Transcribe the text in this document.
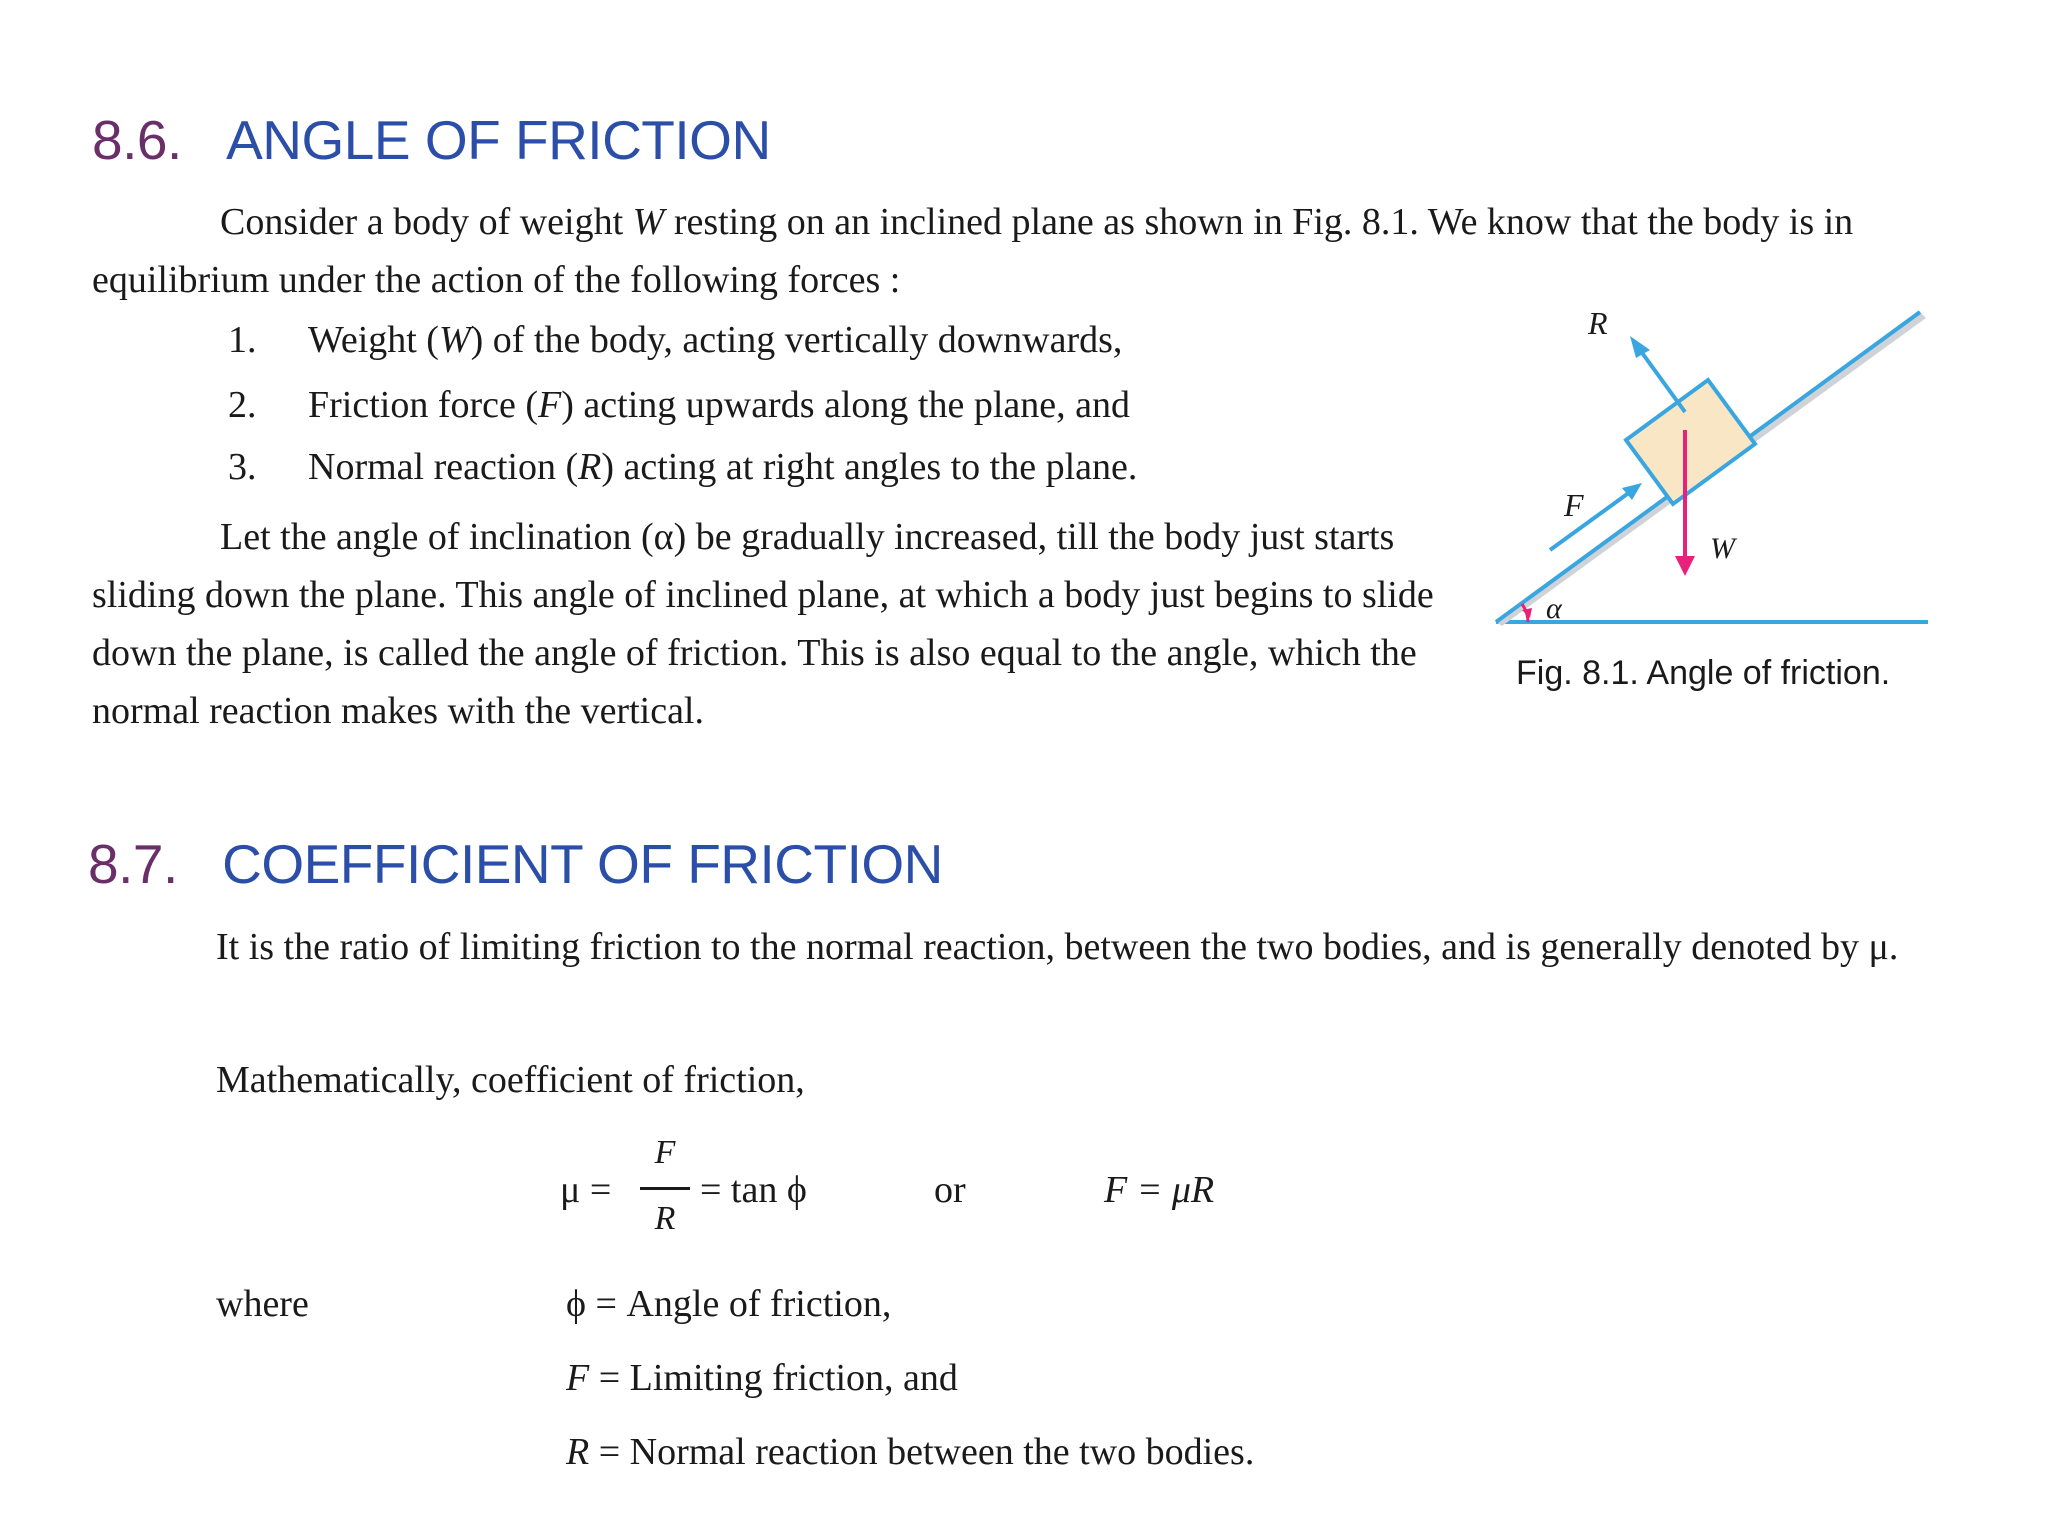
8.6. ANGLE OF FRICTION

Consider a body of weight W resting on an inclined plane as shown in Fig. 8.1. We know that the body is in equilibrium under the action of the following forces :

1. Weight (W) of the body, acting vertically downwards,
2. Friction force (F) acting upwards along the plane, and
3. Normal reaction (R) acting at right angles to the plane.

Let the angle of inclination (α) be gradually increased, till the body just starts sliding down the plane. This angle of inclined plane, at which a body just begins to slide down the plane, is called the angle of friction. This is also equal to the angle, which the normal reaction makes with the vertical.

R
F
W
α
Fig. 8.1. Angle of friction.
8.7. COEFFICIENT OF FRICTION

It is the ratio of limiting friction to the normal reaction, between the two bodies, and is generally denoted by μ.

Mathematically, coefficient of friction,
μ =
F
R
= tan ϕ	or	F = μR
where	ϕ = Angle of friction,
F = Limiting friction, and
R = Normal reaction between the two bodies.
